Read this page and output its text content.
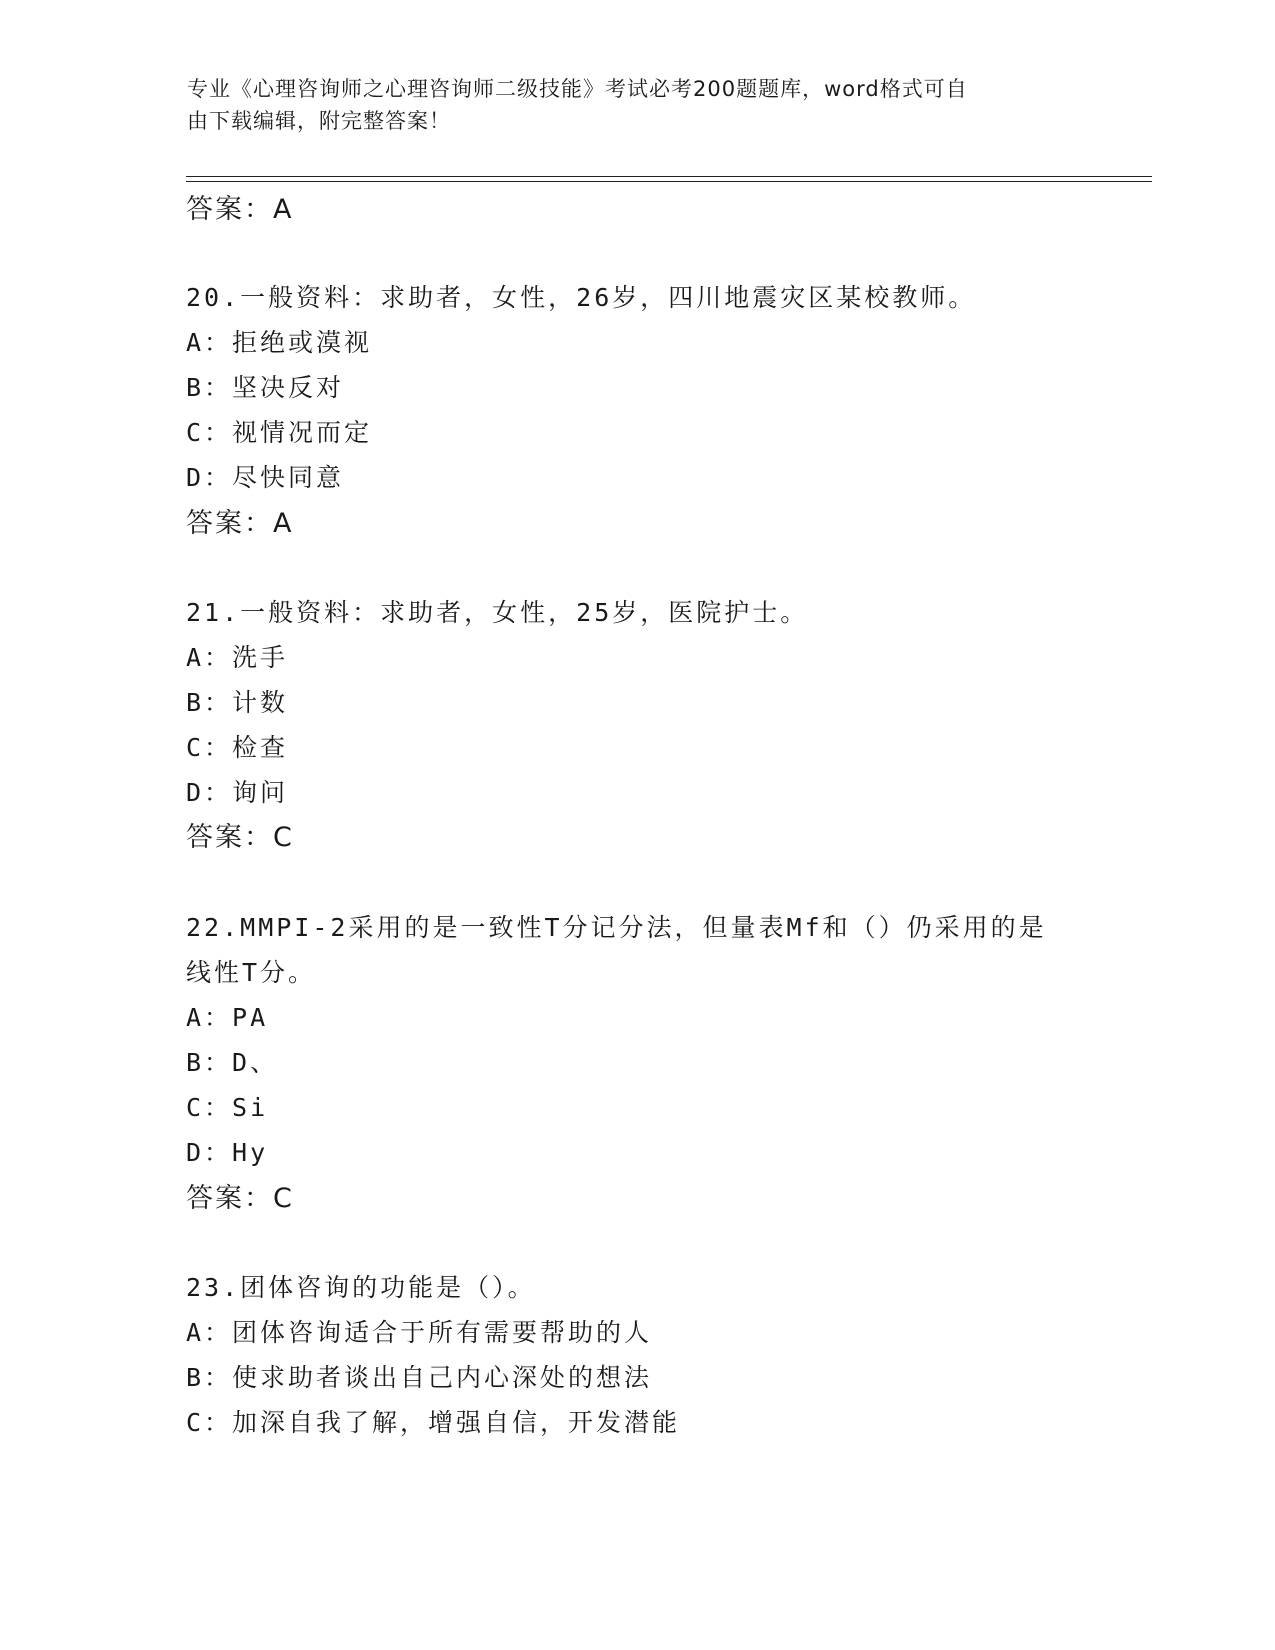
专业《心理咨询师之心理咨询师二级技能》考试必考200题题库，word格式可自
由下载编辑，附完整答案！
答案：A
20.一般资料：求助者，女性，26岁，四川地震灾区某校教师。
A：拒绝或漠视
B：坚决反对
C：视情况而定
D：尽快同意
答案：A
21.一般资料：求助者，女性，25岁，医院护士。
A：洗手
B：计数
C：检查
D：询问
答案：C
22.MMPI-2采用的是一致性T分记分法，但量表Mf和（）仍采用的是
线性T分。
A：PA
B：D、
C：Si
D：Hy
答案：C
23.团体咨询的功能是（）。
A：团体咨询适合于所有需要帮助的人
B：使求助者谈出自己内心深处的想法
C：加深自我了解，增强自信，开发潜能
